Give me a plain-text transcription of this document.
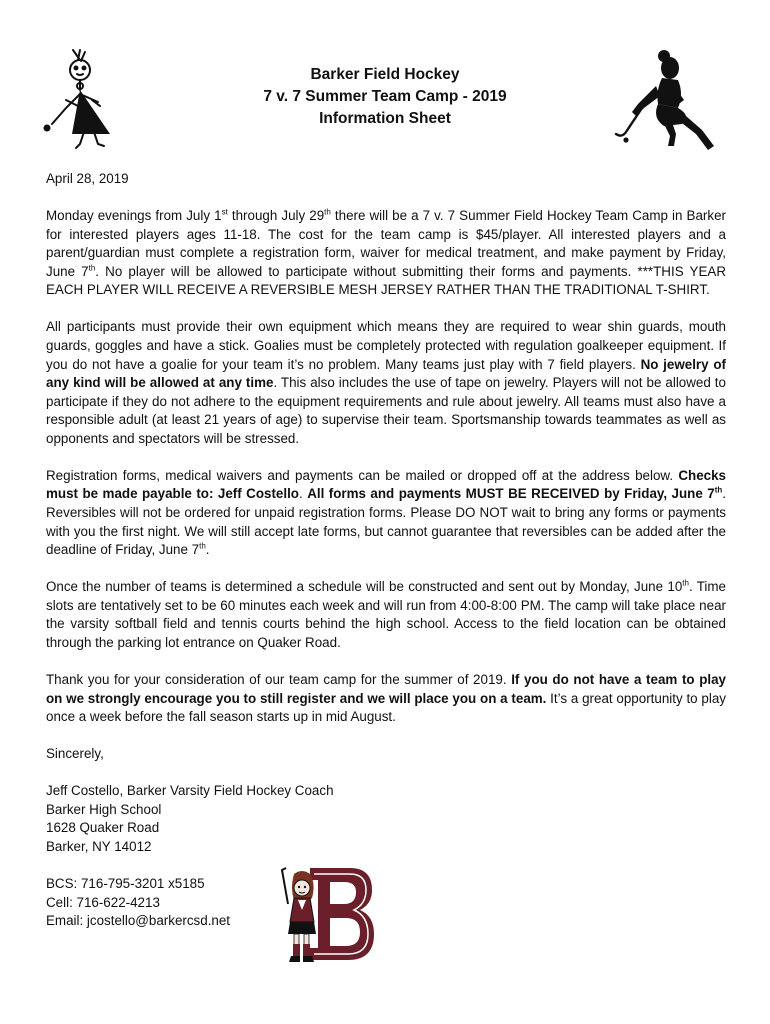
Barker Field Hockey
7 v. 7 Summer Team Camp - 2019
Information Sheet

April 28, 2019

Monday evenings from July 1st through July 29th there will be a 7 v. 7 Summer Field Hockey Team Camp in Barker for interested players ages 11-18. The cost for the team camp is $45/player. All interested players and a parent/guardian must complete a registration form, waiver for medical treatment, and make payment by Friday, June 7th. No player will be allowed to participate without submitting their forms and payments. ***THIS YEAR EACH PLAYER WILL RECEIVE A REVERSIBLE MESH JERSEY RATHER THAN THE TRADITIONAL T-SHIRT.

All participants must provide their own equipment which means they are required to wear shin guards, mouth guards, goggles and have a stick. Goalies must be completely protected with regulation goalkeeper equipment. If you do not have a goalie for your team it’s no problem. Many teams just play with 7 field players. No jewelry of any kind will be allowed at any time. This also includes the use of tape on jewelry. Players will not be allowed to participate if they do not adhere to the equipment requirements and rule about jewelry. All teams must also have a responsible adult (at least 21 years of age) to supervise their team. Sportsmanship towards teammates as well as opponents and spectators will be stressed.

Registration forms, medical waivers and payments can be mailed or dropped off at the address below. Checks must be made payable to: Jeff Costello. All forms and payments MUST BE RECEIVED by Friday, June 7th. Reversibles will not be ordered for unpaid registration forms. Please DO NOT wait to bring any forms or payments with you the first night. We will still accept late forms, but cannot guarantee that reversibles can be added after the deadline of Friday, June 7th.

Once the number of teams is determined a schedule will be constructed and sent out by Monday, June 10th. Time slots are tentatively set to be 60 minutes each week and will run from 4:00-8:00 PM. The camp will take place near the varsity softball field and tennis courts behind the high school. Access to the field location can be obtained through the parking lot entrance on Quaker Road.

Thank you for your consideration of our team camp for the summer of 2019. If you do not have a team to play on we strongly encourage you to still register and we will place you on a team. It’s a great opportunity to play once a week before the fall season starts up in mid August.

Sincerely,

Jeff Costello, Barker Varsity Field Hockey Coach
Barker High School
1628 Quaker Road
Barker, NY 14012
BCS: 716-795-3201 x5185
Cell: 716-622-4213
Email: jcostello@barkercsd.net
